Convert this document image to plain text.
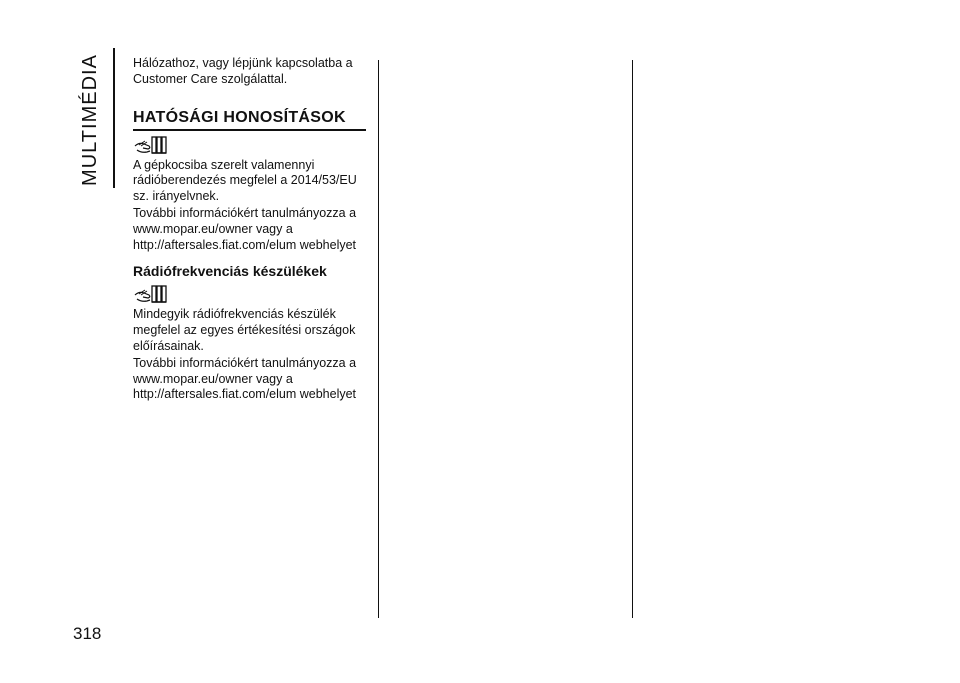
MULTIMÉDIA
318

Hálózathoz, vagy lépjünk kapcsolatba a Customer Care szolgálattal.

HATÓSÁGI HONOSÍTÁSOK

A gépkocsiba szerelt valamennyi rádióberendezés megfelel a 2014/53/EU sz. irányelvnek.

További információkért tanulmányozza a www.mopar.eu/owner vagy a http://aftersales.fiat.com/elum webhelyet

Rádiófrekvenciás készülékek

Mindegyik rádiófrekvenciás készülék megfelel az egyes értékesítési országok előírásainak.

További információkért tanulmányozza a www.mopar.eu/owner vagy a http://aftersales.fiat.com/elum webhelyet
